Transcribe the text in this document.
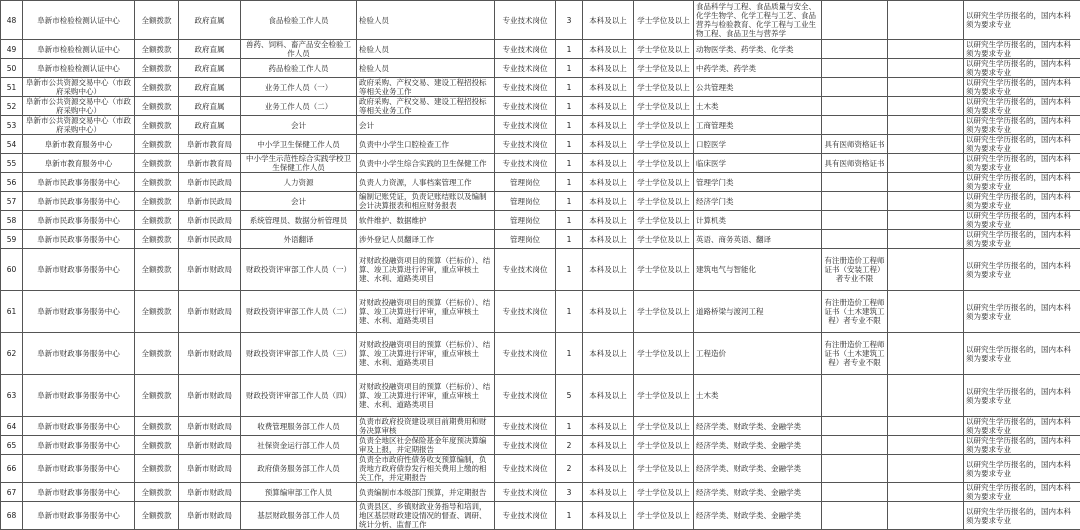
48	阜新市检验检测认证中心	全额拨款	政府直属	食品检验工作人员	检验人员	专业技术岗位	3	本科及以上	学士学位及以上	食品科学与工程、食品质量与安全、化学生物学、化学工程与工艺、食品营养与检验教育、化学工程与工业生物工程、食品卫生与营养学			以研究生学历报名的，国内本科须为要求专业
49	阜新市检验检测认证中心	全额拨款	政府直属	兽药、饲料、畜产品安全检验工作人员	检验人员	专业技术岗位	1	本科及以上	学士学位及以上	动物医学类、药学类、化学类			以研究生学历报名的，国内本科须为要求专业
50	阜新市检验检测认证中心	全额拨款	政府直属	药品检验工作人员	检验人员	专业技术岗位	1	本科及以上	学士学位及以上	中药学类、药学类			以研究生学历报名的，国内本科须为要求专业
51	阜新市公共资源交易中心（市政府采购中心）	全额拨款	政府直属	业务工作人员（一）	政府采购、产权交易、建设工程招投标等相关业务工作	专业技术岗位	1	本科及以上	学士学位及以上	公共管理类			以研究生学历报名的，国内本科须为要求专业
52	阜新市公共资源交易中心（市政府采购中心）	全额拨款	政府直属	业务工作人员（二）	政府采购、产权交易、建设工程招投标等相关业务工作	专业技术岗位	1	本科及以上	学士学位及以上	土木类			以研究生学历报名的，国内本科须为要求专业
53	阜新市公共资源交易中心（市政府采购中心）	全额拨款	政府直属	会计	会计	专业技术岗位	1	本科及以上	学士学位及以上	工商管理类			以研究生学历报名的，国内本科须为要求专业
54	阜新市教育服务中心	全额拨款	阜新市教育局	中小学卫生保健工作人员	负责中小学生口腔检查工作	专业技术岗位	1	本科及以上	学士学位及以上	口腔医学	具有医师资格证书		以研究生学历报名的，国内本科须为要求专业
55	阜新市教育服务中心	全额拨款	阜新市教育局	中小学生示范性综合实践学校卫生保健工作人员	负责中小学生综合实践的卫生保健工作	专业技术岗位	1	本科及以上	学士学位及以上	临床医学	具有医师资格证书		以研究生学历报名的，国内本科须为要求专业
56	阜新市民政事务服务中心	全额拨款	阜新市民政局	人力资源	负责人力资源，人事档案管理工作	管理岗位	1	本科及以上	学士学位及以上	管理学门类			以研究生学历报名的，国内本科须为要求专业
57	阜新市民政事务服务中心	全额拨款	阜新市民政局	会计	编制记账凭证，负责记账结账以及编制会计决算报表和相应财务报表	管理岗位	1	本科及以上	学士学位及以上	经济学门类			以研究生学历报名的，国内本科须为要求专业
58	阜新市民政事务服务中心	全额拨款	阜新市民政局	系统管理员、数据分析管理员	软件维护、数据维护	管理岗位	1	本科及以上	学士学位及以上	计算机类			以研究生学历报名的，国内本科须为要求专业
59	阜新市民政事务服务中心	全额拨款	阜新市民政局	外语翻译	涉外登记人员翻译工作	管理岗位	1	本科及以上	学士学位及以上	英语、商务英语、翻译			以研究生学历报名的，国内本科须为要求专业
60	阜新市财政事务服务中心	全额拨款	阜新市财政局	财政投资评审部工作人员（一）	对财政投融资项目的预算（拦标价）、结算、竣工决算进行评审，重点审核土建、水利、道路类项目	专业技术岗位	1	本科及以上	学士学位及以上	建筑电气与智能化	有注册造价工程师证书（安装工程）者专业不限		以研究生学历报名的，国内本科须为要求专业
61	阜新市财政事务服务中心	全额拨款	阜新市财政局	财政投资评审部工作人员（二）	对财政投融资项目的预算（拦标价）、结算、竣工决算进行评审，重点审核土建、水利、道路类项目	专业技术岗位	1	本科及以上	学士学位及以上	道路桥梁与渡河工程	有注册造价工程师证书（土木建筑工程）者专业不限		以研究生学历报名的，国内本科须为要求专业
62	阜新市财政事务服务中心	全额拨款	阜新市财政局	财政投资评审部工作人员（三）	对财政投融资项目的预算（拦标价）、结算、竣工决算进行评审，重点审核土建、水利、道路类项目	专业技术岗位	1	本科及以上	学士学位及以上	工程造价	有注册造价工程师证书（土木建筑工程）者专业不限		以研究生学历报名的，国内本科须为要求专业
63	阜新市财政事务服务中心	全额拨款	阜新市财政局	财政投资评审部工作人员（四）	对财政投融资项目的预算（拦标价）、结算、竣工决算进行评审，重点审核土建、水利、道路类项目	专业技术岗位	5	本科及以上	学士学位及以上	土木类			以研究生学历报名的，国内本科须为要求专业
64	阜新市财政事务服务中心	全额拨款	阜新市财政局	收费管理服务部工作人员	负责市政府投资建设项目前期费用和财务决算审核	专业技术岗位	1	本科及以上	学士学位及以上	经济学类、财政学类、金融学类			以研究生学历报名的，国内本科须为要求专业
65	阜新市财政事务服务中心	全额拨款	阜新市财政局	社保资金运行部工作人员	负责全地区社会保险基金年度预决算编审及上报，并定期报告	专业技术岗位	2	本科及以上	学士学位及以上	经济学类、财政学类、金融学类			以研究生学历报名的，国内本科须为要求专业
66	阜新市财政事务服务中心	全额拨款	阜新市财政局	政府债务服务部工作人员	负责全市政府性债务收支预算编制，负责地方政府债券发行相关费用上缴的相关工作，并定期报告	专业技术岗位	2	本科及以上	学士学位及以上	经济学类、财政学类、金融学类			以研究生学历报名的，国内本科须为要求专业
67	阜新市财政事务服务中心	全额拨款	阜新市财政局	预算编审部工作人员	负责编制市本级部门预算，并定期报告	专业技术岗位	3	本科及以上	学士学位及以上	经济学类、财政学类、金融学类			以研究生学历报名的，国内本科须为要求专业
68	阜新市财政事务服务中心	全额拨款	阜新市财政局	基层财政服务部工作人员	负责县区、乡镇财政业务指导和培训，地区基层财政建设情况的督查、调研、统计分析、监督工作	专业技术岗位	1	本科及以上	学士学位及以上	经济学类、财政学类、金融学类			以研究生学历报名的，国内本科须为要求专业
